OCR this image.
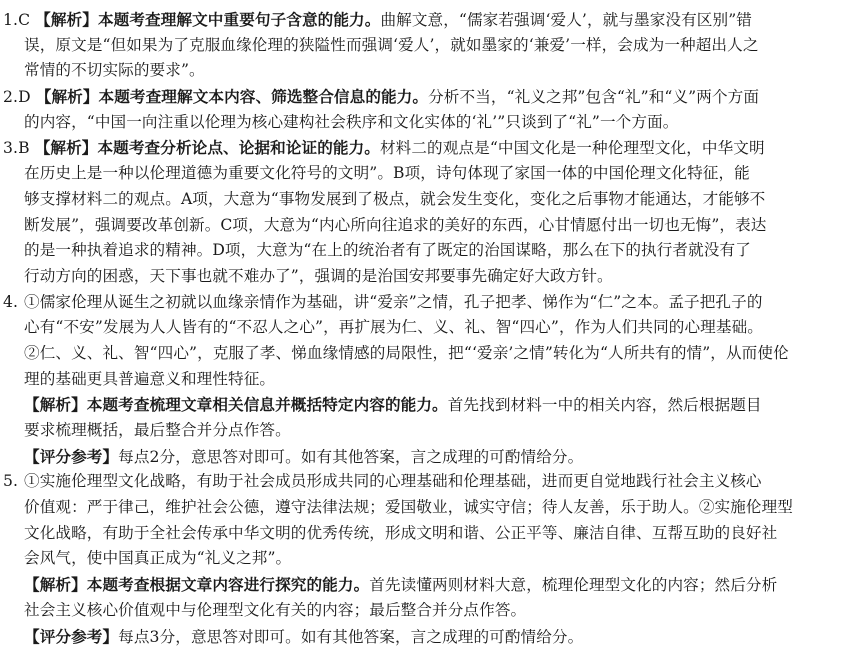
1.C 【解析】本题考查理解文中重要句子含意的能力。曲解文意，“儒家若强调‘爱人’，就与墨家没有区别”错
误，原文是“但如果为了克服血缘伦理的狭隘性而强调‘爱人’，就如墨家的‘兼爱’一样，会成为一种超出人之
常情的不切实际的要求”。
2.D 【解析】本题考查理解文本内容、筛选整合信息的能力。分析不当，“礼义之邦”包含“礼”和“义”两个方面
的内容，“中国一向注重以伦理为核心建构社会秩序和文化实体的‘礼’”只谈到了“礼”一个方面。
3.B 【解析】本题考查分析论点、论据和论证的能力。材料二的观点是“中国文化是一种伦理型文化，中华文明
在历史上是一种以伦理道德为重要文化符号的文明”。B项，诗句体现了家国一体的中国伦理文化特征，能
够支撑材料二的观点。A项，大意为“事物发展到了极点，就会发生变化，变化之后事物才能通达，才能够不
断发展”，强调要改革创新。C项，大意为“内心所向往追求的美好的东西，心甘情愿付出一切也无悔”，表达
的是一种执着追求的精神。D项，大意为“在上的统治者有了既定的治国谋略，那么在下的执行者就没有了
行动方向的困惑，天下事也就不难办了”，强调的是治国安邦要事先确定好大政方针。
4. ①儒家伦理从诞生之初就以血缘亲情作为基础，讲“爱亲”之情，孔子把孝、悌作为“仁”之本。孟子把孔子的
心有“不安”发展为人人皆有的“不忍人之心”，再扩展为仁、义、礼、智“四心”，作为人们共同的心理基础。
②仁、义、礼、智“四心”，克服了孝、悌血缘情感的局限性，把“‘爱亲’之情”转化为“人所共有的情”，从而使伦
理的基础更具普遍意义和理性特征。
【解析】本题考查梳理文章相关信息并概括特定内容的能力。首先找到材料一中的相关内容，然后根据题目
要求梳理概括，最后整合并分点作答。
【评分参考】每点2分，意思答对即可。如有其他答案，言之成理的可酌情给分。
5. ①实施伦理型文化战略，有助于社会成员形成共同的心理基础和伦理基础，进而更自觉地践行社会主义核心
价值观：严于律己，维护社会公德，遵守法律法规；爱国敬业，诚实守信；待人友善，乐于助人。②实施伦理型
文化战略，有助于全社会传承中华文明的优秀传统，形成文明和谐、公正平等、廉洁自律、互帮互助的良好社
会风气，使中国真正成为“礼义之邦”。
【解析】本题考查根据文章内容进行探究的能力。首先读懂两则材料大意，梳理伦理型文化的内容；然后分析
社会主义核心价值观中与伦理型文化有关的内容；最后整合并分点作答。
【评分参考】每点3分，意思答对即可。如有其他答案，言之成理的可酌情给分。
